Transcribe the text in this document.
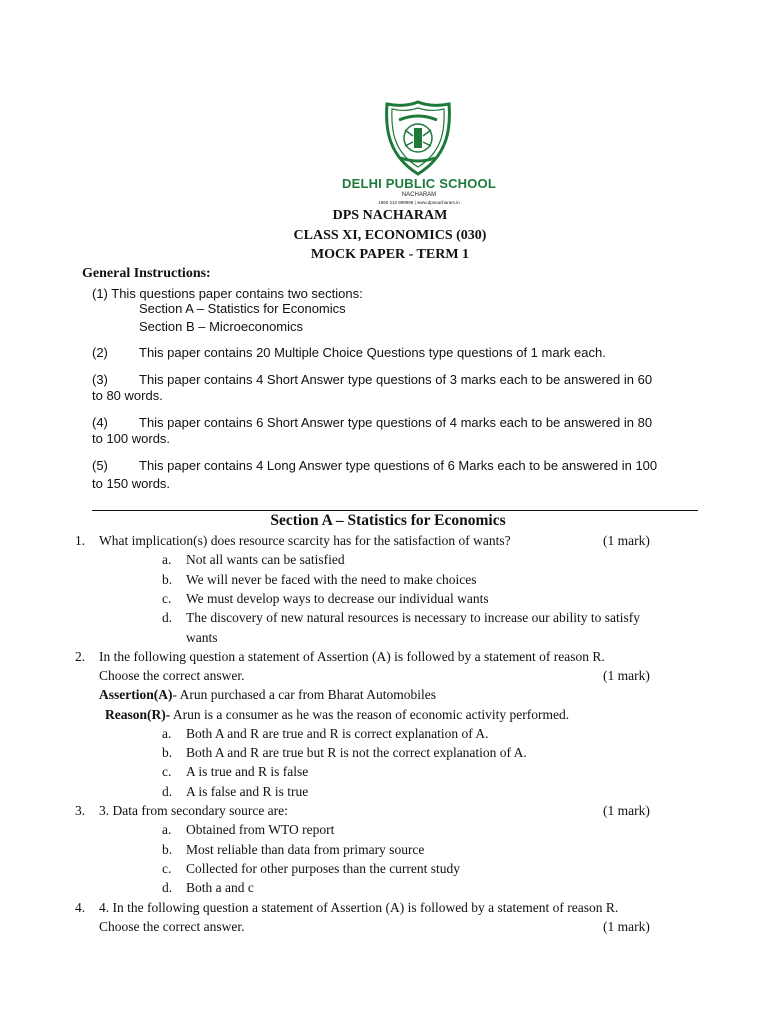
DELHI PUBLIC SCHOOL
NACHARAM
1860 212 999999 | www.dpsnacharam.in
DPS NACHARAM
CLASS XI, ECONOMICS (030)
MOCK PAPER - TERM 1
General Instructions:
(1) This questions paper contains two sections:
Section A – Statistics for Economics
Section B – Microeconomics
(2) This paper contains 20 Multiple Choice Questions type questions of 1 mark each.
(3) This paper contains 4 Short Answer type questions of 3 marks each to be answered in 60
to 80 words.
(4) This paper contains 6 Short Answer type questions of 4 marks each to be answered in 80
to 100 words.
(5) This paper contains 4 Long Answer type questions of 6 Marks each to be answered in 100
to 150 words.
Section A – Statistics for Economics
1. What implication(s) does resource scarcity has for the satisfaction of wants?	(1 mark)
a. Not all wants can be satisfied
b. We will never be faced with the need to make choices
c. We must develop ways to decrease our individual wants
d. The discovery of new natural resources is necessary to increase our ability to satisfy
wants
2. In the following question a statement of Assertion (A) is followed by a statement of reason R.
Choose the correct answer.	(1 mark)
Assertion(A)- Arun purchased a car from Bharat Automobiles
Reason(R)- Arun is a consumer as he was the reason of economic activity performed.
a. Both A and R are true and R is correct explanation of A.
b. Both A and R are true but R is not the correct explanation of A.
c. A is true and R is false
d. A is false and R is true
3. 3. Data from secondary source are:	(1 mark)
a. Obtained from WTO report
b. Most reliable than data from primary source
c. Collected for other purposes than the current study
d. Both a and c
4. 4. In the following question a statement of Assertion (A) is followed by a statement of reason R.
Choose the correct answer.	(1 mark)
